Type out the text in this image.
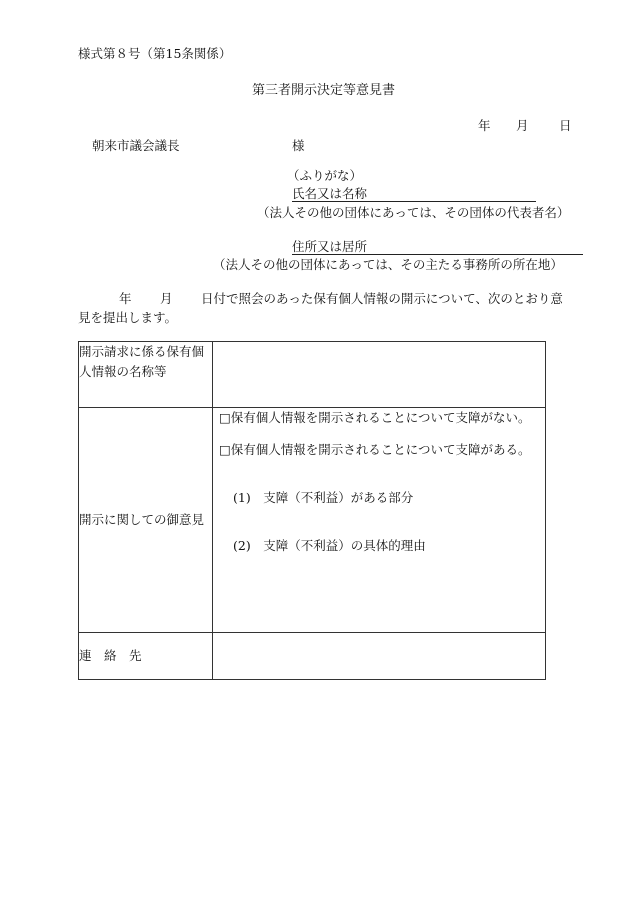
様式第８号（第15条関係）
第三者開示決定等意見書
年 月 日
朝来市議会議長	様
（ふりがな）
氏名又は名称
（法人その他の団体にあっては、その団体の代表者名）
住所又は居所
（法人その他の団体にあっては、その主たる事務所の所在地）
年 月 日付で照会のあった保有個人情報の開示について、次のとおり意
見を提出します。
開示請求に係る保有個人情報の名称等	
開示に関しての御意見	□保有個人情報を開示されることについて支障がない。
□保有個人情報を開示されることについて支障がある。
(1)　支障（不利益）がある部分
(2)　支障（不利益）の具体的理由

連　絡　先	
